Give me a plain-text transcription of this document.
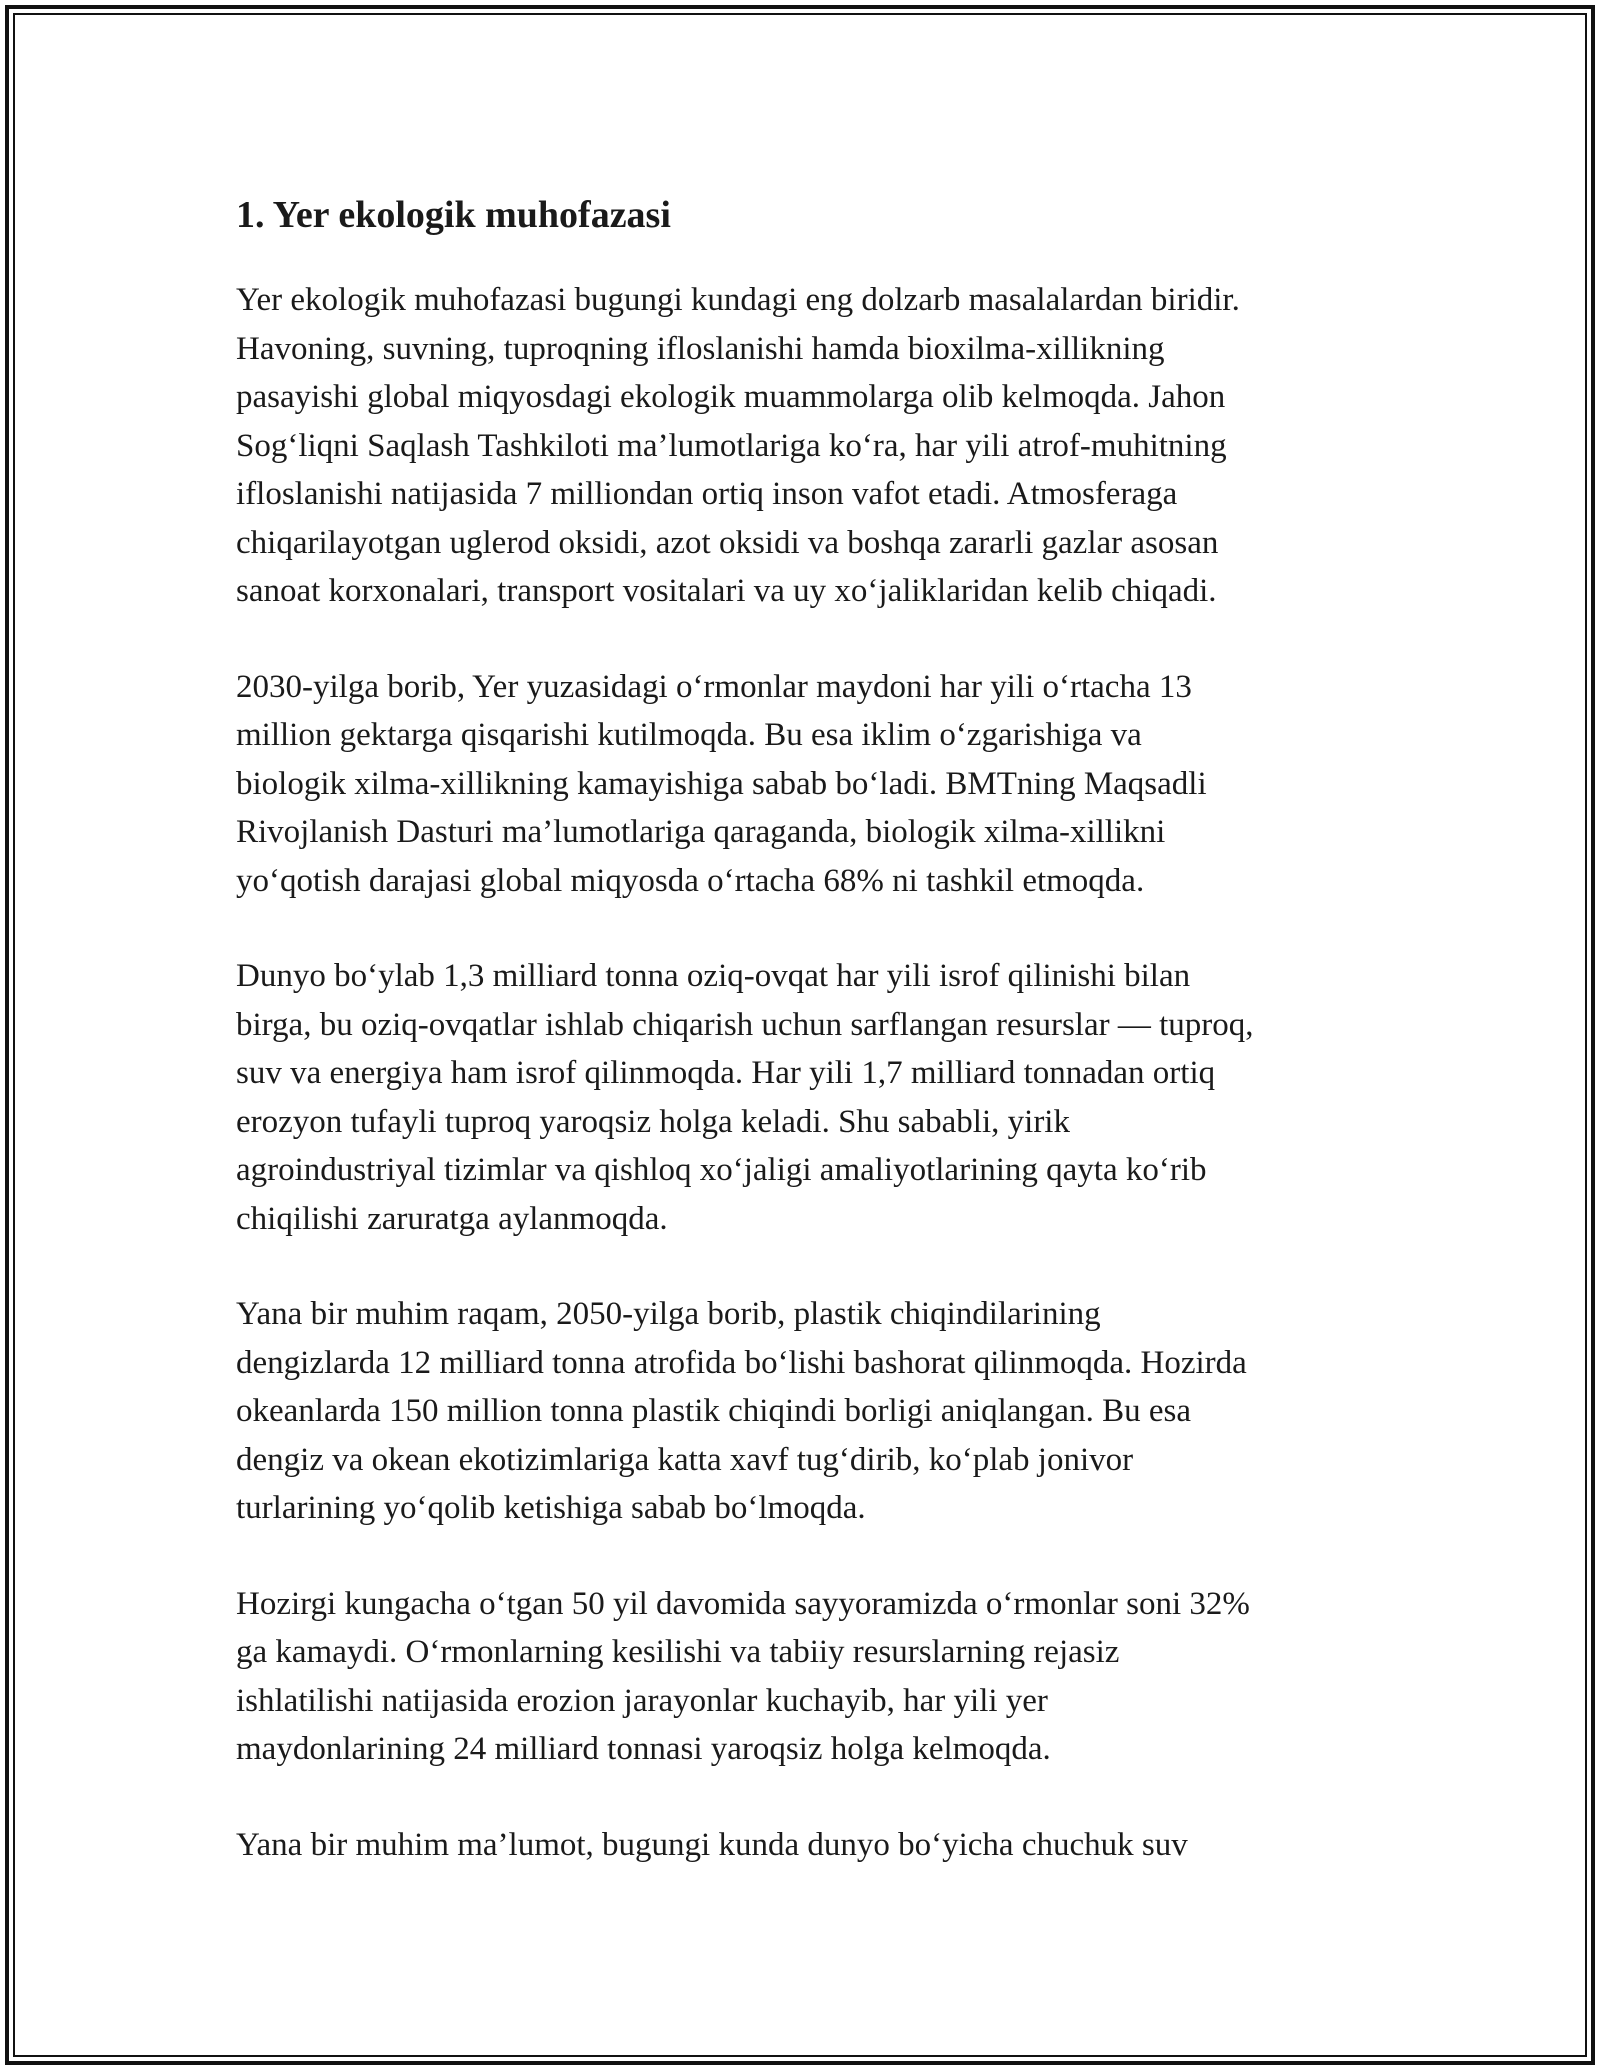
1. Yer ekologik muhofazasi

Yer ekologik muhofazasi bugungi kundagi eng dolzarb masalalardan biridir.
Havoning, suvning, tuproqning ifloslanishi hamda bioxilma-xillikning
pasayishi global miqyosdagi ekologik muammolarga olib kelmoqda. Jahon
Sog‘liqni Saqlash Tashkiloti ma’lumotlariga ko‘ra, har yili atrof-muhitning
ifloslanishi natijasida 7 milliondan ortiq inson vafot etadi. Atmosferaga
chiqarilayotgan uglerod oksidi, azot oksidi va boshqa zararli gazlar asosan
sanoat korxonalari, transport vositalari va uy xo‘jaliklaridan kelib chiqadi.

2030-yilga borib, Yer yuzasidagi o‘rmonlar maydoni har yili o‘rtacha 13
million gektarga qisqarishi kutilmoqda. Bu esa iklim o‘zgarishiga va
biologik xilma-xillikning kamayishiga sabab bo‘ladi. BMTning Maqsadli
Rivojlanish Dasturi ma’lumotlariga qaraganda, biologik xilma-xillikni
yo‘qotish darajasi global miqyosda o‘rtacha 68% ni tashkil etmoqda.

Dunyo bo‘ylab 1,3 milliard tonna oziq-ovqat har yili isrof qilinishi bilan
birga, bu oziq-ovqatlar ishlab chiqarish uchun sarflangan resurslar — tuproq,
suv va energiya ham isrof qilinmoqda. Har yili 1,7 milliard tonnadan ortiq
erozyon tufayli tuproq yaroqsiz holga keladi. Shu sababli, yirik
agroindustriyal tizimlar va qishloq xo‘jaligi amaliyotlarining qayta ko‘rib
chiqilishi zaruratga aylanmoqda.

Yana bir muhim raqam, 2050-yilga borib, plastik chiqindilarining
dengizlarda 12 milliard tonna atrofida bo‘lishi bashorat qilinmoqda. Hozirda
okeanlarda 150 million tonna plastik chiqindi borligi aniqlangan. Bu esa
dengiz va okean ekotizimlariga katta xavf tug‘dirib, ko‘plab jonivor
turlarining yo‘qolib ketishiga sabab bo‘lmoqda.

Hozirgi kungacha o‘tgan 50 yil davomida sayyoramizda o‘rmonlar soni 32%
ga kamaydi. O‘rmonlarning kesilishi va tabiiy resurslarning rejasiz
ishlatilishi natijasida erozion jarayonlar kuchayib, har yili yer
maydonlarining 24 milliard tonnasi yaroqsiz holga kelmoqda.

Yana bir muhim ma’lumot, bugungi kunda dunyo bo‘yicha chuchuk suv
